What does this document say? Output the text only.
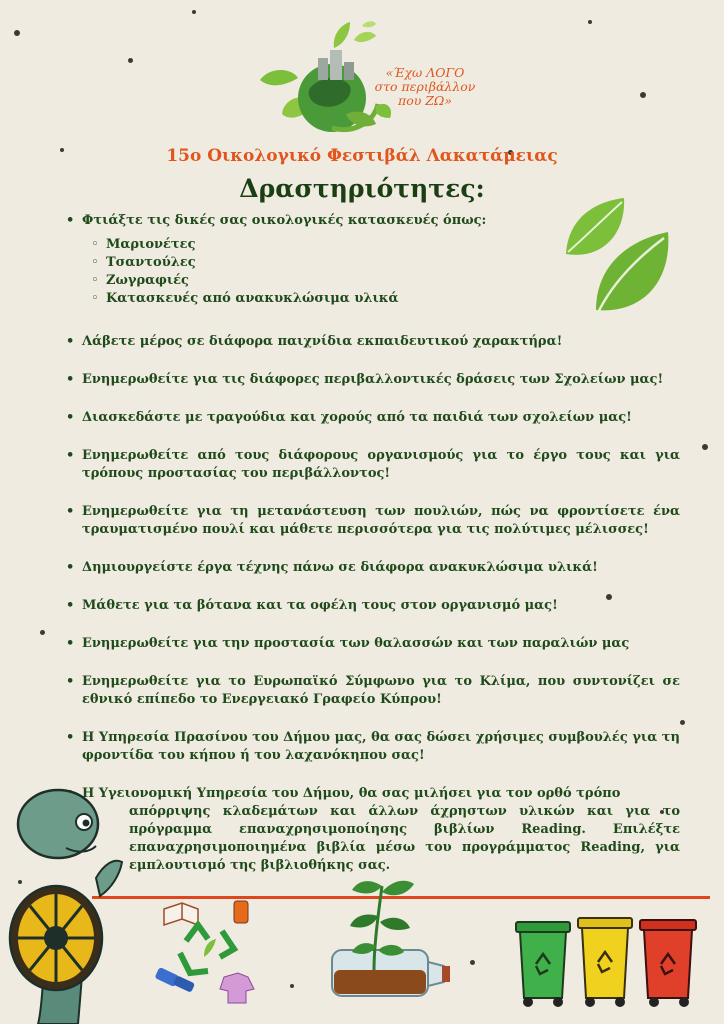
«Έχω ΛΟΓΟ
στο περιβάλλον
που ΖΩ»
15ο Οικολογικό Φεστιβάλ Λακατάμειας
Δραστηριότητες:
• Φτιάξτε τις δικές σας οικολογικές κατασκευές όπως:
◦ Μαριονέτες
◦ Τσαντούλες
◦ Ζωγραφιές
◦ Κατασκευές από ανακυκλώσιμα υλικά
• Λάβετε μέρος σε διάφορα παιχνίδια εκπαιδευτικού χαρακτήρα!
• Ενημερωθείτε για τις διάφορες περιβαλλοντικές δράσεις των Σχολείων μας!
• Διασκεδάστε με τραγούδια και χορούς από τα παιδιά των σχολείων μας!
• Ενημερωθείτε από τους διάφορους οργανισμούς για το έργο τους και για τρόπους προστασίας του περιβάλλοντος!
• Ενημερωθείτε για τη μετανάστευση των πουλιών, πώς να φροντίσετε ένα τραυματισμένο πουλί και μάθετε περισσότερα για τις πολύτιμες μέλισσες!
• Δημιουργείστε έργα τέχνης πάνω σε διάφορα ανακυκλώσιμα υλικά!
• Μάθετε για τα βότανα και τα οφέλη τους στον οργανισμό μας!
• Ενημερωθείτε για την προστασία των θαλασσών και των παραλιών μας
• Ενημερωθείτε για το Ευρωπαϊκό Σύμφωνο για το Κλίμα, που συντονίζει σε εθνικό επίπεδο το Ενεργειακό Γραφείο Κύπρου!
• Η Υπηρεσία Πρασίνου του Δήμου μας, θα σας δώσει χρήσιμες συμβουλές για τη φροντίδα του κήπου ή του λαχανόκηπου σας!
• Η Υγειονομική Υπηρεσία του Δήμου, θα σας μιλήσει για τον ορθό τρόπο
απόρριψης κλαδεμάτων και άλλων άχρηστων υλικών και για το πρόγραμμα επαναχρησιμοποίησης βιβλίων Reading. Επιλέξτε επαναχρησιμοποιημένα βιβλία μέσω του προγράμματος Reading, για εμπλουτισμό της βιβλιοθήκης σας.
